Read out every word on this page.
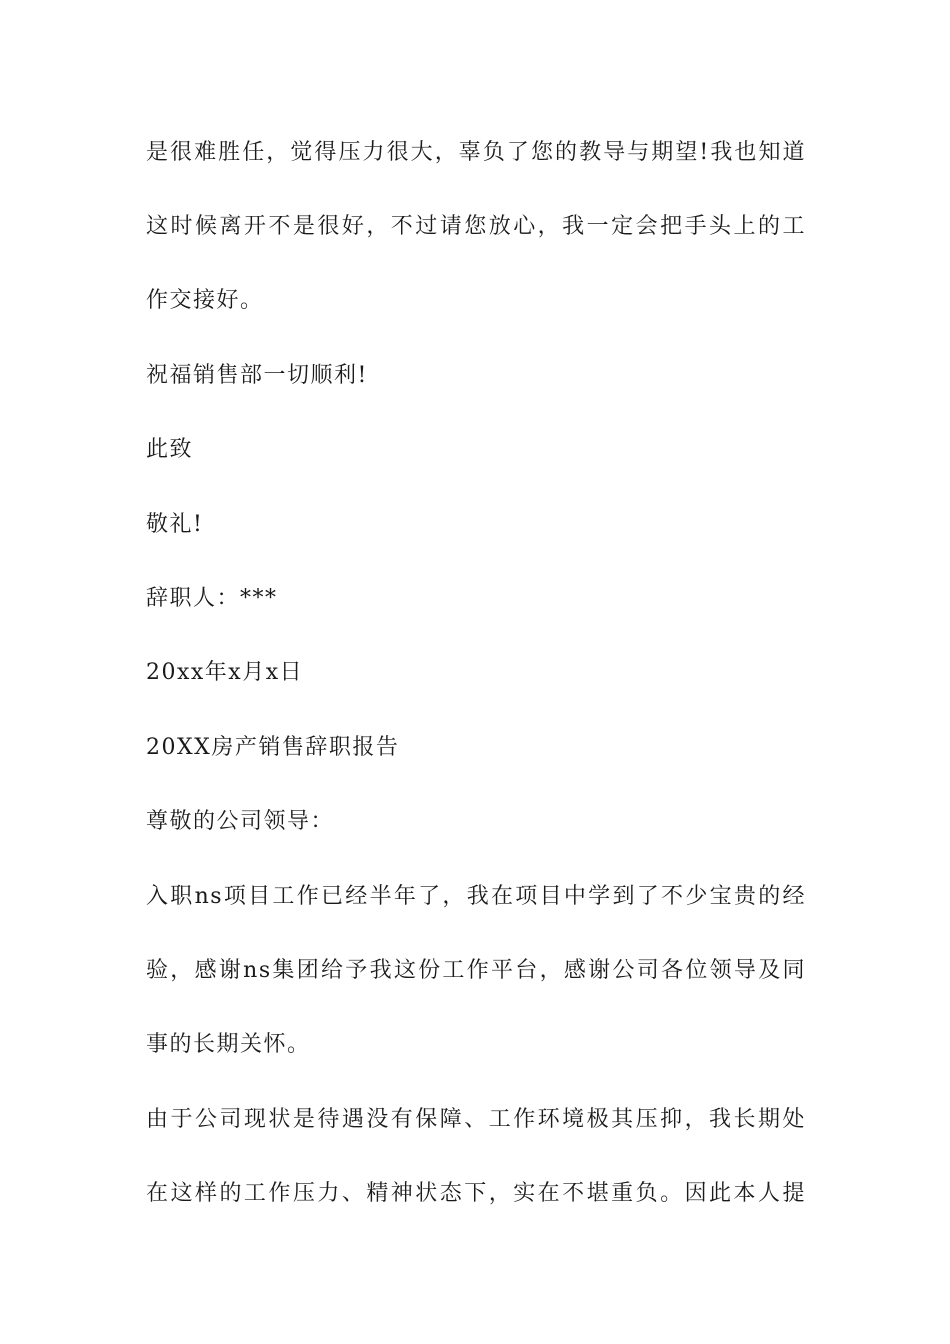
是很难胜任，觉得压力很大，辜负了您的教导与期望!我也知道
这时候离开不是很好，不过请您放心，我一定会把手头上的工
作交接好。
祝福销售部一切顺利!
此致
敬礼!
辞职人：***
20xx年x月x日
20XX房产销售辞职报告
尊敬的公司领导：
入职ns项目工作已经半年了，我在项目中学到了不少宝贵的经
验，感谢ns集团给予我这份工作平台，感谢公司各位领导及同
事的长期关怀。
由于公司现状是待遇没有保障、工作环境极其压抑，我长期处
在这样的工作压力、精神状态下，实在不堪重负。因此本人提
